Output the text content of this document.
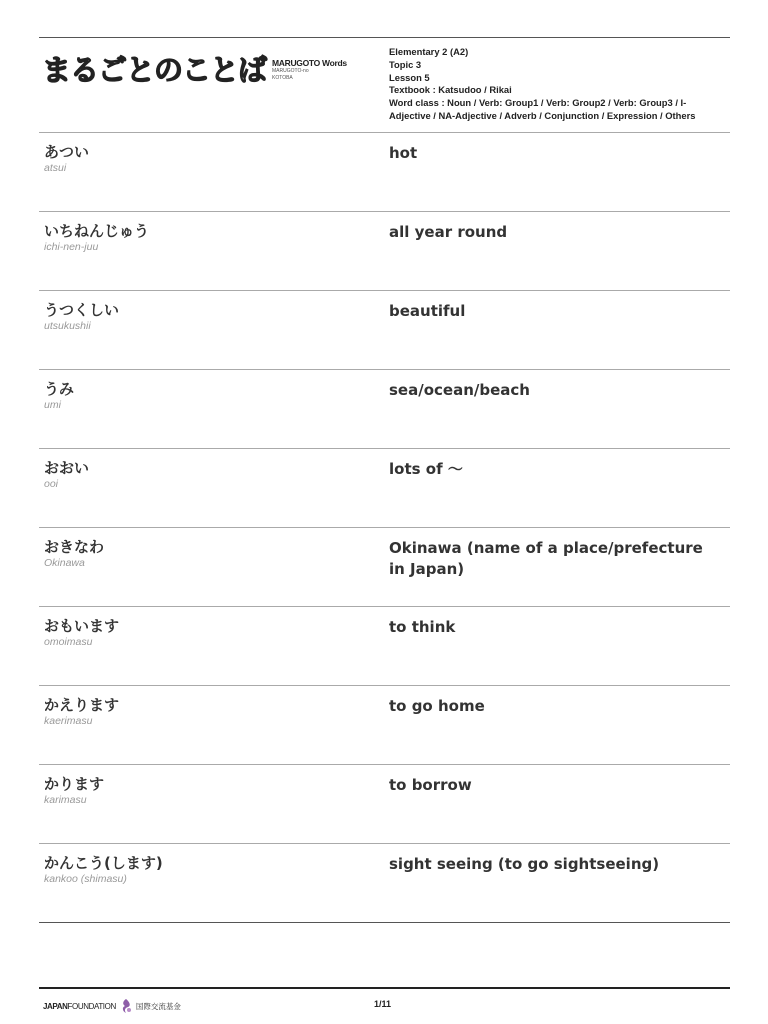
まるごとのことば MARUGOTO Words
MARUGOTO-no
KOTOBA
Elementary 2 (A2)
Topic 3
Lesson 5
Textbook : Katsudoo / Rikai
Word class : Noun / Verb: Group1 / Verb: Group2 / Verb: Group3 / I-Adjective / NA-Adjective / Adverb / Conjunction / Expression / Others
あつい
atsui
hot
いちねんじゅう
ichi-nen-juu
all year round
うつくしい
utsukushii
beautiful
うみ
umi
sea/ocean/beach
おおい
ooi
lots of ～
おきなわ
Okinawa
Okinawa (name of a place/prefecture in Japan)
おもいます
omoimasu
to think
かえります
kaerimasu
to go home
かります
karimasu
to borrow
かんこう(します)
kankoo (shimasu)
sight seeing (to go sightseeing)
JAPANFOUNDATION	国際交流基金	1/11
